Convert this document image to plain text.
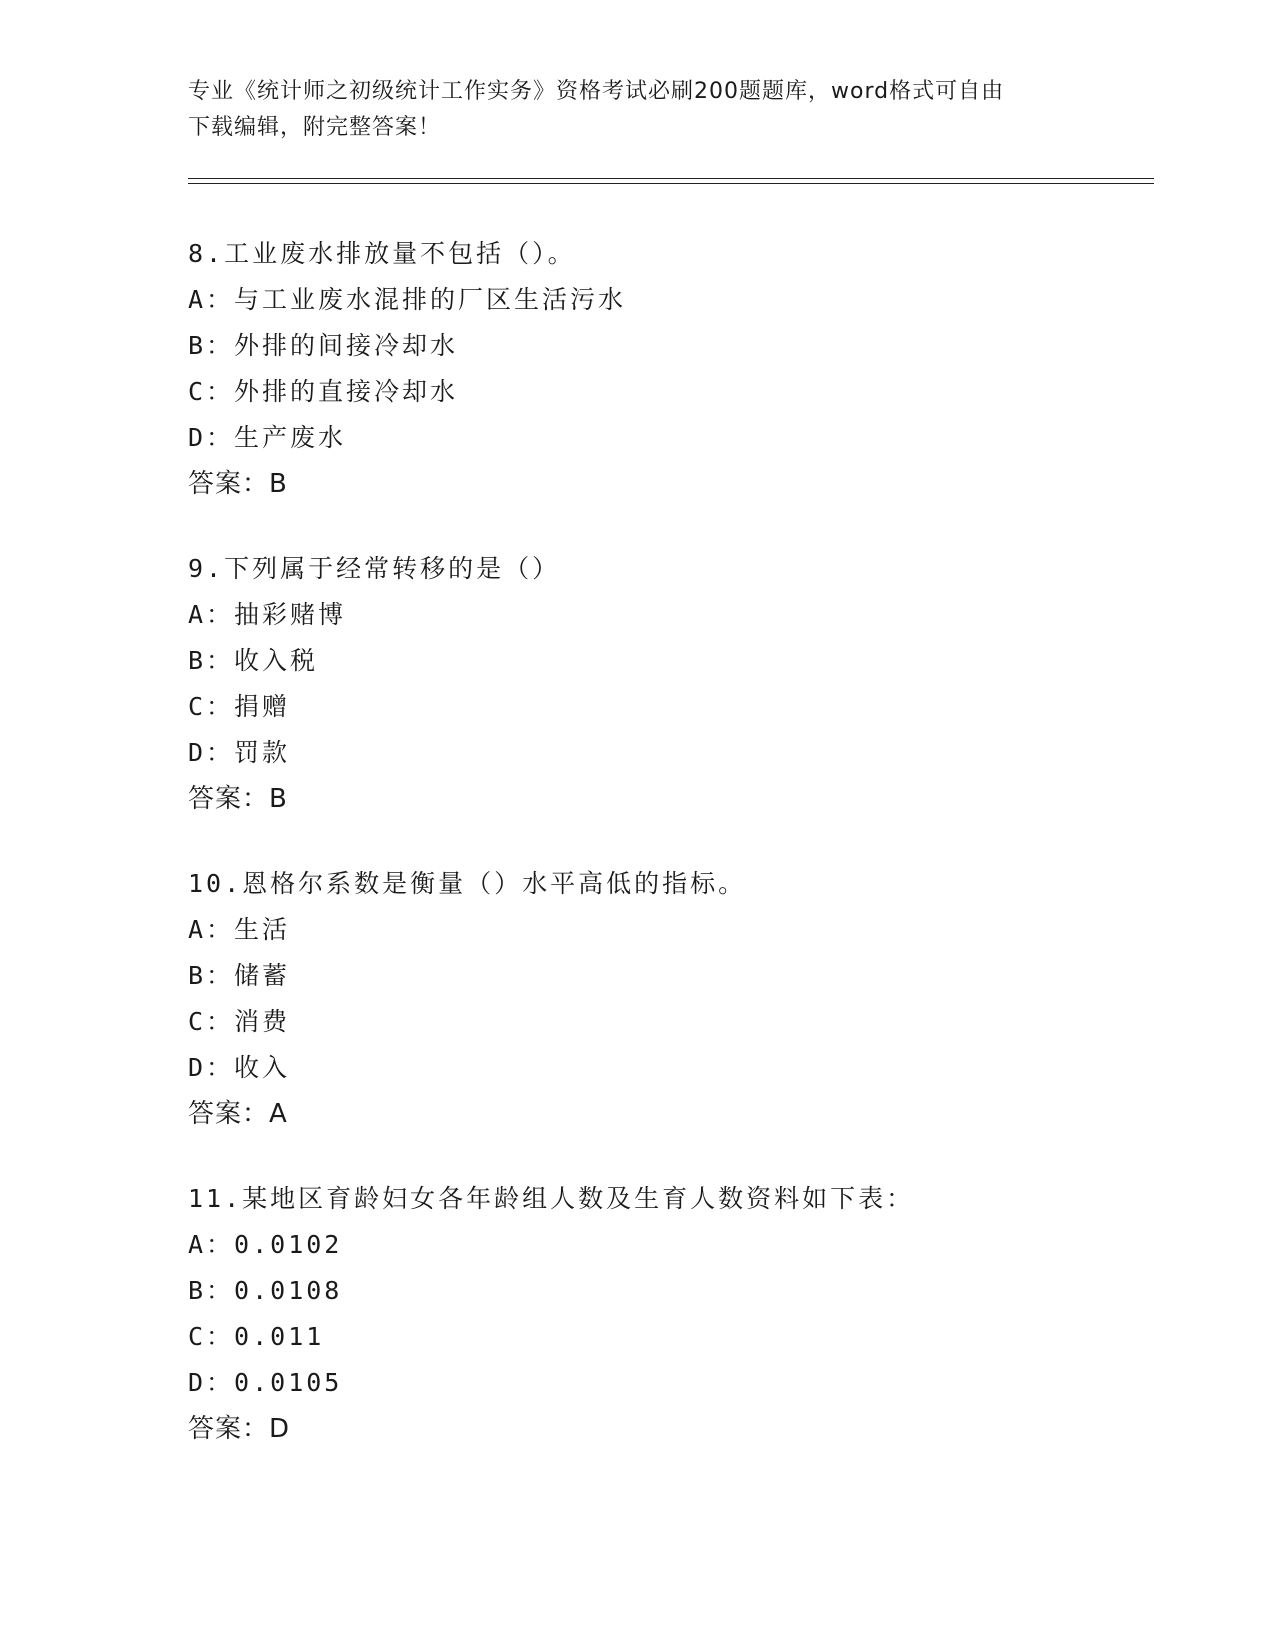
专业《统计师之初级统计工作实务》资格考试必刷200题题库，word格式可自由
下载编辑，附完整答案！
8.工业废水排放量不包括（）。
A：与工业废水混排的厂区生活污水
B：外排的间接冷却水
C：外排的直接冷却水
D：生产废水
答案：B
9.下列属于经常转移的是（）
A：抽彩赌博
B：收入税
C：捐赠
D：罚款
答案：B
10.恩格尔系数是衡量（）水平高低的指标。
A：生活
B：储蓄
C：消费
D：收入
答案：A
11.某地区育龄妇女各年龄组人数及生育人数资料如下表：
A：0.0102
B：0.0108
C：0.011
D：0.0105
答案：D
